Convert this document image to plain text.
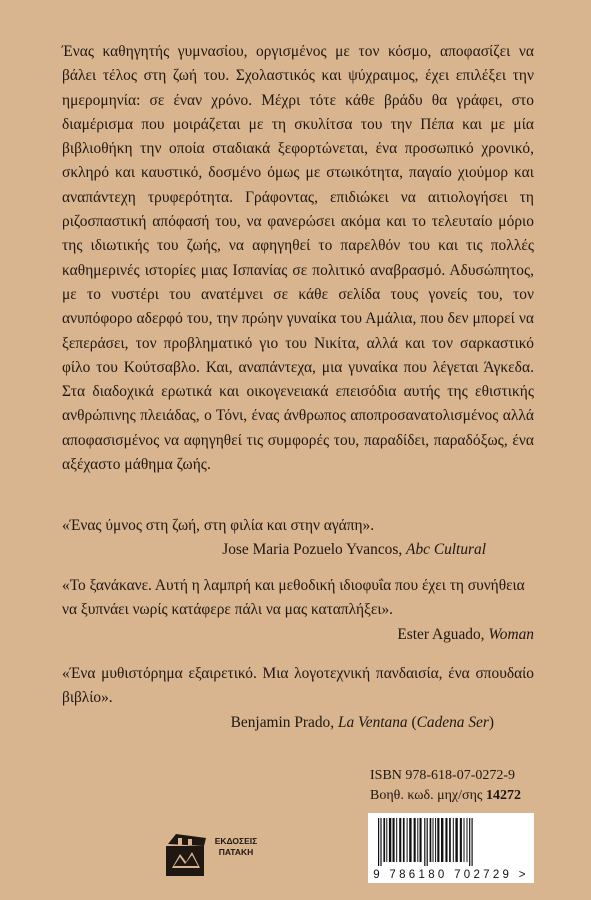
Ένας καθηγητής γυμνασίου, οργισμένος με τον κόσμο, αποφασίζει να βάλει τέλος στη ζωή του. Σχολαστικός και ψύχραιμος, έχει επιλέξει την ημερομηνία: σε έναν χρόνο. Μέχρι τότε κάθε βράδυ θα γράφει, στο διαμέρισμα που μοιράζεται με τη σκυλίτσα του την Πέπα και με μία βιβλιοθήκη την οποία σταδιακά ξεφορτώνεται, ένα προσωπικό χρονικό, σκληρό και καυστικό, δοσμένο όμως με στωικότητα, παγαίο χιούμορ και αναπάντεχη τρυφερότητα. Γράφοντας, επιδιώκει να αιτιολογήσει τη ριζοσπαστική απόφασή του, να φανερώσει ακόμα και το τελευταίο μόριο της ιδιωτικής του ζωής, να αφηγηθεί το παρελθόν του και τις πολλές καθημερινές ιστορίες μιας Ισπανίας σε πολιτικό αναβρασμό. Αδυσώπητος, με το νυστέρι του ανατέμνει σε κάθε σελίδα τους γονείς του, τον ανυπόφορο αδερφό του, την πρώην γυναίκα του Αμάλια, που δεν μπορεί να ξεπεράσει, τον προβληματικό γιο του Νικίτα, αλλά και τον σαρκαστικό φίλο του Κούτσαβλο. Και, αναπάντεχα, μια γυναίκα που λέγεται Άγκεδα. Στα διαδοχικά ερωτικά και οικογενειακά επεισόδια αυτής της εθιστικής ανθρώπινης πλειάδας, ο Τόνι, ένας άνθρωπος αποπροσανατολισμένος αλλά αποφασισμένος να αφηγηθεί τις συμφορές του, παραδίδει, παραδόξως, ένα αξέχαστο μάθημα ζωής.

«Ένας ύμνος στη ζωή, στη φιλία και στην αγάπη».
Jose Maria Pozuelo Yvancos, Abc Cultural
«Το ξανάκανε. Αυτή η λαμπρή και μεθοδική ιδιοφυΐα που έχει τη συνήθεια να ξυπνάει νωρίς κατάφερε πάλι να μας καταπλήξει».
Ester Aguado, Woman
«Ένα μυθιστόρημα εξαιρετικό. Μια λογοτεχνική πανδαισία, ένα σπουδαίο βιβλίο».
Benjamin Prado, La Ventana (Cadena Ser)
ISBN 978-618-07-0272-9
Βοηθ. κωδ. μηχ/σης 14272
ΕΚΔΟΣΕΙΣ
ΠΑΤΑΚΗ
9 786180 702729 >
